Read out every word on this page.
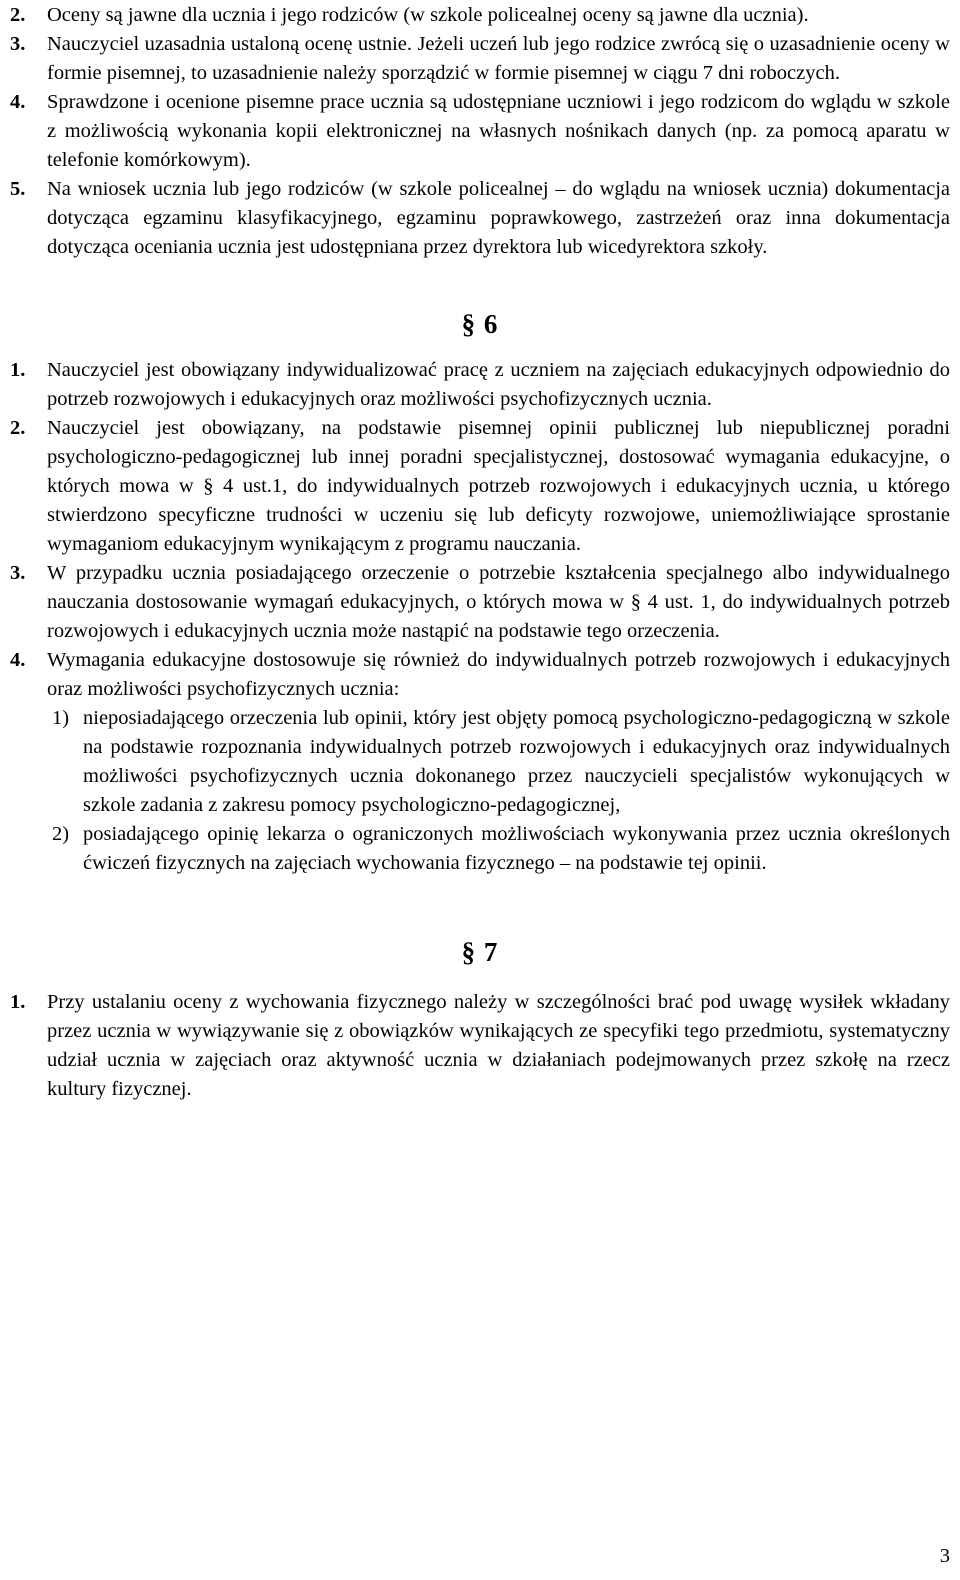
2. Oceny są jawne dla ucznia i jego rodziców (w szkole policealnej oceny są jawne dla ucznia).
3. Nauczyciel uzasadnia ustaloną ocenę ustnie. Jeżeli uczeń lub jego rodzice zwrócą się o uzasadnienie oceny w formie pisemnej, to uzasadnienie należy sporządzić w formie pisemnej w ciągu 7 dni roboczych.
4. Sprawdzone i ocenione pisemne prace ucznia są udostępniane uczniowi i jego rodzicom do wglądu w szkole z możliwością wykonania kopii elektronicznej na własnych nośnikach danych (np. za pomocą aparatu w telefonie komórkowym).
5. Na wniosek ucznia lub jego rodziców (w szkole policealnej – do wglądu na wniosek ucznia) dokumentacja dotycząca egzaminu klasyfikacyjnego, egzaminu poprawkowego, zastrzeżeń oraz inna dokumentacja dotycząca oceniania ucznia jest udostępniana przez dyrektora lub wicedyrektora szkoły.
§ 6
1. Nauczyciel jest obowiązany indywidualizować pracę z uczniem na zajęciach edukacyjnych odpowiednio do potrzeb rozwojowych i edukacyjnych oraz możliwości psychofizycznych ucznia.
2. Nauczyciel jest obowiązany, na podstawie pisemnej opinii publicznej lub niepublicznej poradni psychologiczno-pedagogicznej lub innej poradni specjalistycznej, dostosować wymagania edukacyjne, o których mowa w § 4 ust.1, do indywidualnych potrzeb rozwojowych i edukacyjnych ucznia, u którego stwierdzono specyficzne trudności w uczeniu się lub deficyty rozwojowe, uniemożliwiające sprostanie wymaganiom edukacyjnym wynikającym z programu nauczania.
3. W przypadku ucznia posiadającego orzeczenie o potrzebie kształcenia specjalnego albo indywidualnego nauczania dostosowanie wymagań edukacyjnych, o których mowa w § 4 ust. 1, do indywidualnych potrzeb rozwojowych i edukacyjnych ucznia może nastąpić na podstawie tego orzeczenia.
4. Wymagania edukacyjne dostosowuje się również do indywidualnych potrzeb rozwojowych i edukacyjnych oraz możliwości psychofizycznych ucznia:
1) nieposiadającego orzeczenia lub opinii, który jest objęty pomocą psychologiczno-pedagogiczną w szkole na podstawie rozpoznania indywidualnych potrzeb rozwojowych i edukacyjnych oraz indywidualnych możliwości psychofizycznych ucznia dokonanego przez nauczycieli specjalistów wykonujących w szkole zadania z zakresu pomocy psychologiczno-pedagogicznej,
2) posiadającego opinię lekarza o ograniczonych możliwościach wykonywania przez ucznia określonych ćwiczeń fizycznych na zajęciach wychowania fizycznego – na podstawie tej opinii.
§ 7
1. Przy ustalaniu oceny z wychowania fizycznego należy w szczególności brać pod uwagę wysiłek wkładany przez ucznia w wywiązywanie się z obowiązków wynikających ze specyfiki tego przedmiotu, systematyczny udział ucznia w zajęciach oraz aktywność ucznia w działaniach podejmowanych przez szkołę na rzecz kultury fizycznej.
3
